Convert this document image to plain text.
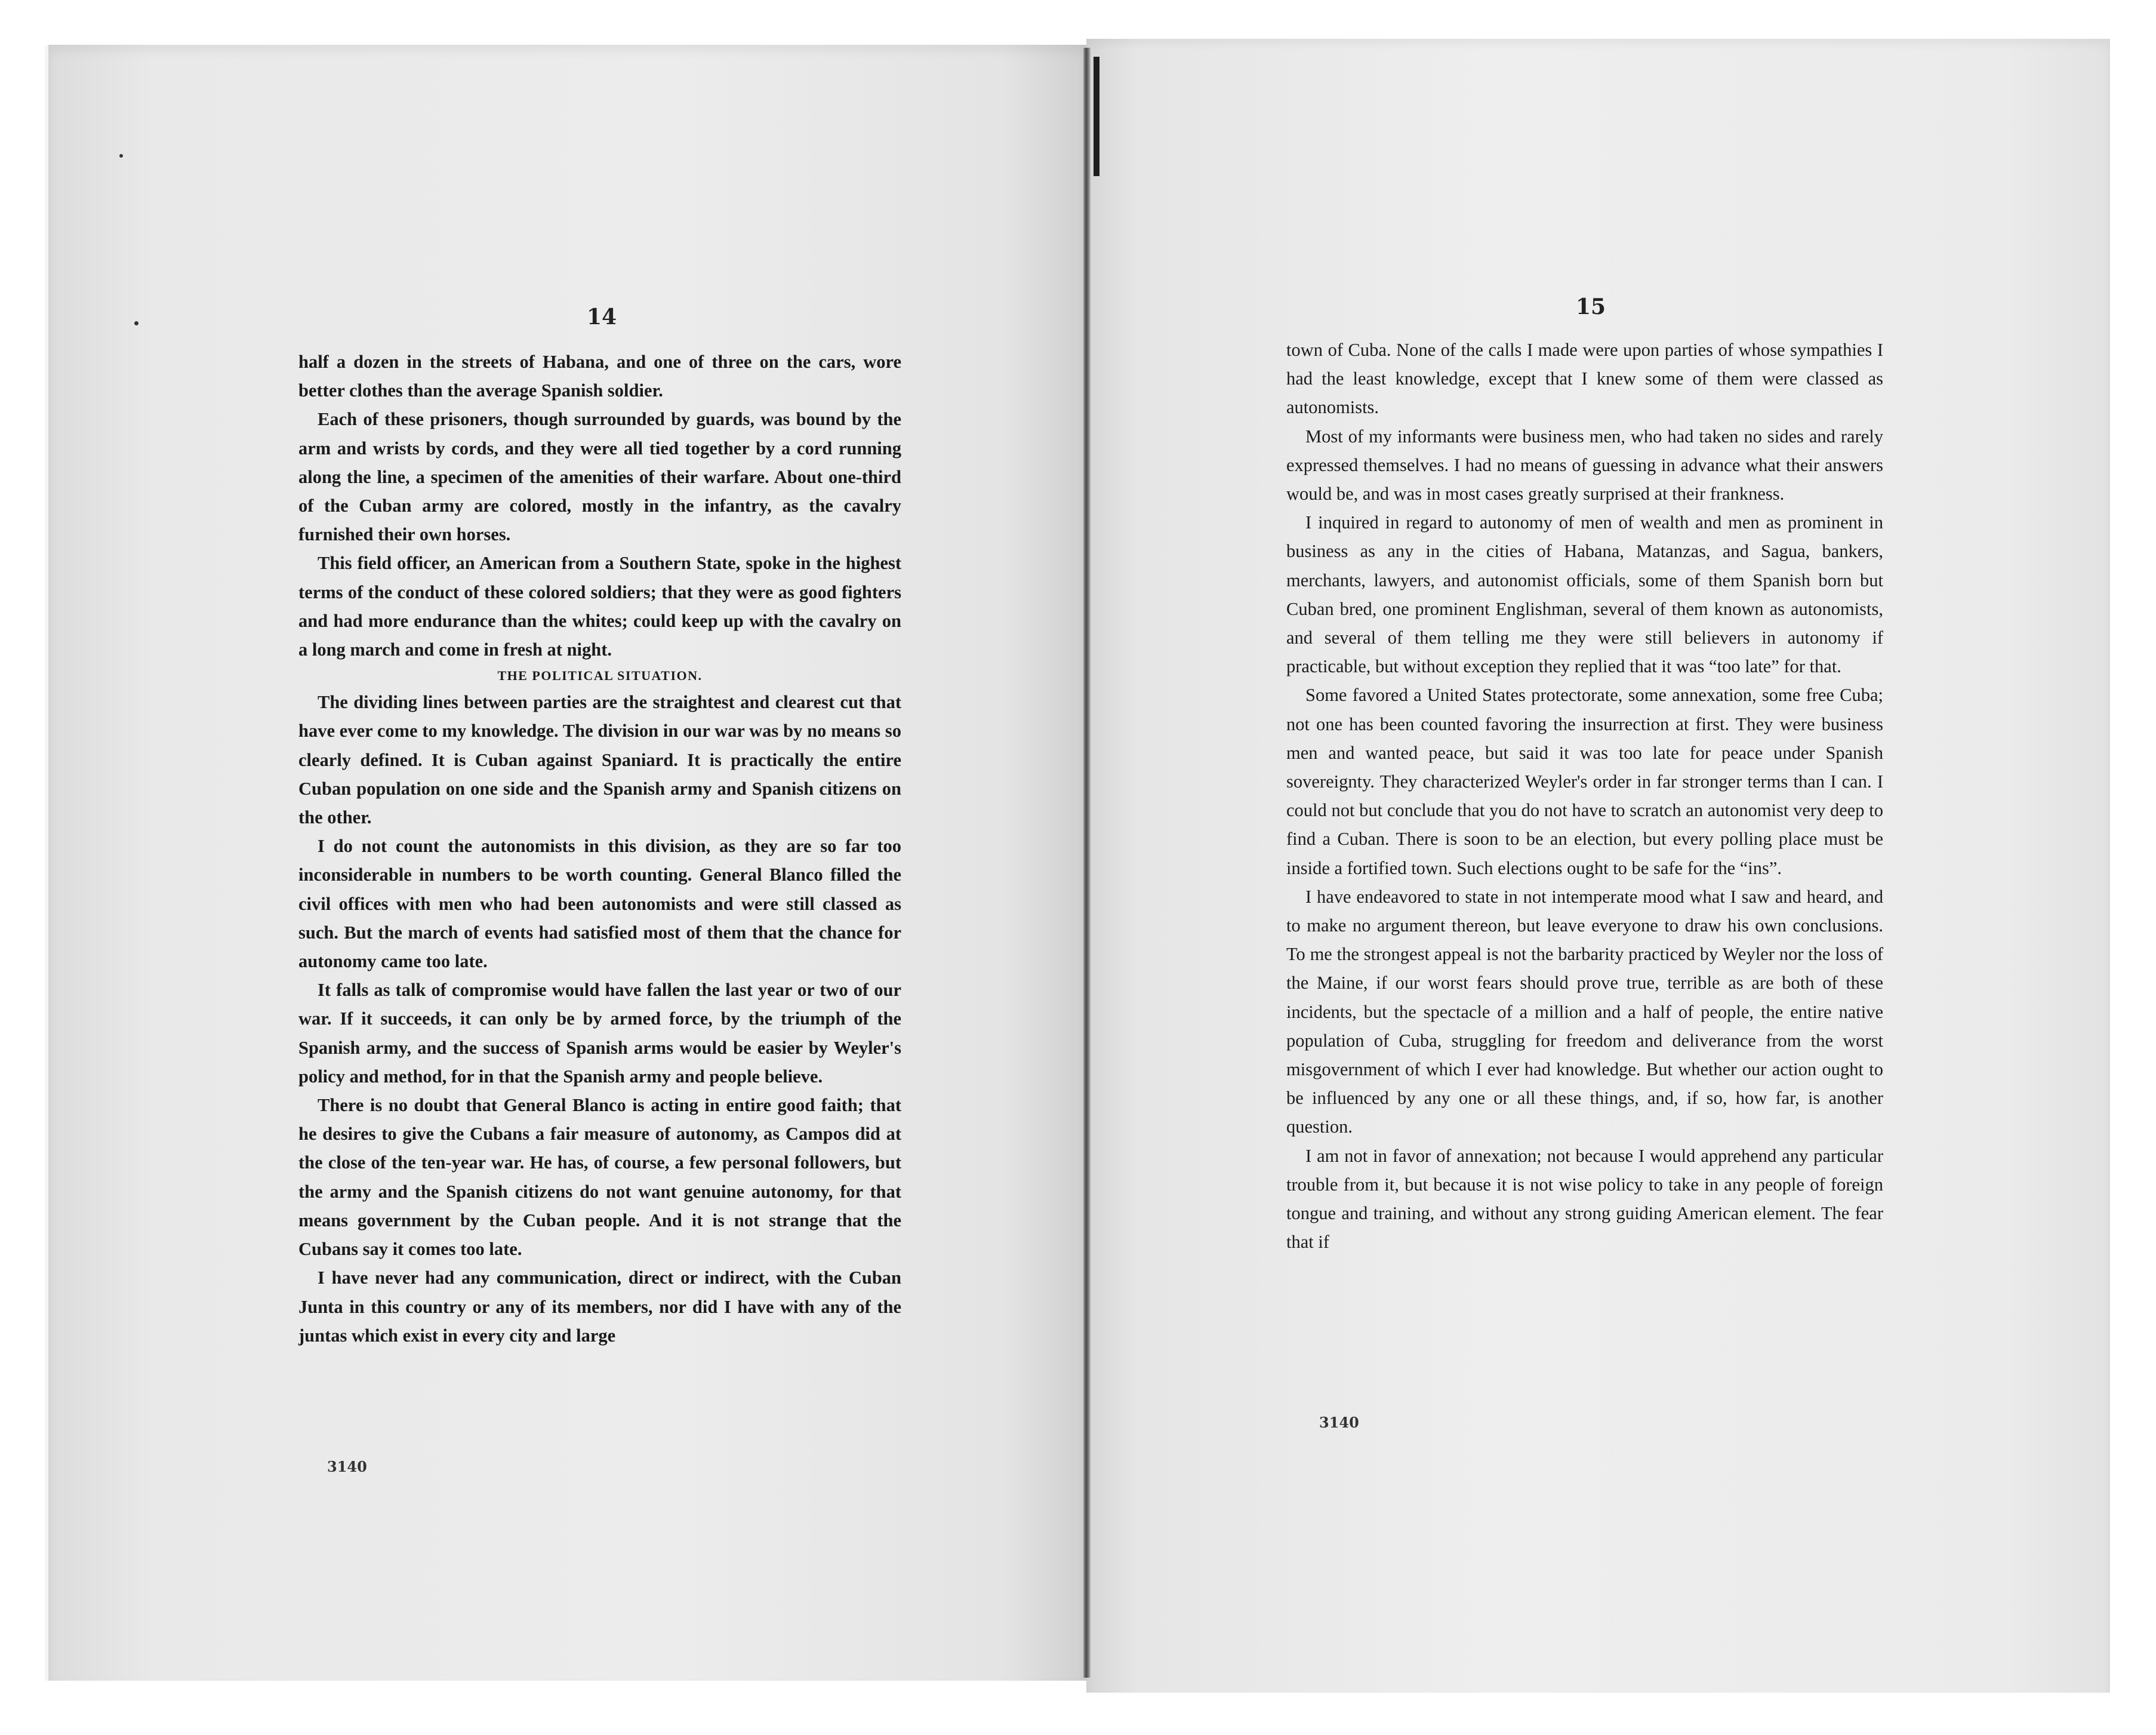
14

half a dozen in the streets of Habana, and one of three on the cars, wore better clothes than the average Spanish soldier.

Each of these prisoners, though surrounded by guards, was bound by the arm and wrists by cords, and they were all tied together by a cord running along the line, a specimen of the amenities of their warfare. About one-third of the Cuban army are colored, mostly in the infantry, as the cavalry furnished their own horses.

This field officer, an American from a Southern State, spoke in the highest terms of the conduct of these colored soldiers; that they were as good fighters and had more endurance than the whites; could keep up with the cavalry on a long march and come in fresh at night.

THE POLITICAL SITUATION.

The dividing lines between parties are the straightest and clearest cut that have ever come to my knowledge. The division in our war was by no means so clearly defined. It is Cuban against Spaniard. It is practically the entire Cuban population on one side and the Spanish army and Spanish citizens on the other.

I do not count the autonomists in this division, as they are so far too inconsiderable in numbers to be worth counting. General Blanco filled the civil offices with men who had been autonomists and were still classed as such. But the march of events had satisfied most of them that the chance for autonomy came too late.

It falls as talk of compromise would have fallen the last year or two of our war. If it succeeds, it can only be by armed force, by the triumph of the Spanish army, and the success of Spanish arms would be easier by Weyler's policy and method, for in that the Spanish army and people believe.

There is no doubt that General Blanco is acting in entire good faith; that he desires to give the Cubans a fair measure of autonomy, as Campos did at the close of the ten-year war. He has, of course, a few personal followers, but the army and the Spanish citizens do not want genuine autonomy, for that means government by the Cuban people. And it is not strange that the Cubans say it comes too late.

I have never had any communication, direct or indirect, with the Cuban Junta in this country or any of its members, nor did I have with any of the juntas which exist in every city and large

3140
15

town of Cuba. None of the calls I made were upon parties of whose sympathies I had the least knowledge, except that I knew some of them were classed as autonomists.

Most of my informants were business men, who had taken no sides and rarely expressed themselves. I had no means of guessing in advance what their answers would be, and was in most cases greatly surprised at their frankness.

I inquired in regard to autonomy of men of wealth and men as prominent in business as any in the cities of Habana, Matanzas, and Sagua, bankers, merchants, lawyers, and autonomist officials, some of them Spanish born but Cuban bred, one prominent Englishman, several of them known as autonomists, and several of them telling me they were still believers in autonomy if practicable, but without exception they replied that it was “too late” for that.

Some favored a United States protectorate, some annexation, some free Cuba; not one has been counted favoring the insurrection at first. They were business men and wanted peace, but said it was too late for peace under Spanish sovereignty. They characterized Weyler's order in far stronger terms than I can. I could not but conclude that you do not have to scratch an autonomist very deep to find a Cuban. There is soon to be an election, but every polling place must be inside a fortified town. Such elections ought to be safe for the “ins”.

I have endeavored to state in not intemperate mood what I saw and heard, and to make no argument thereon, but leave everyone to draw his own conclusions. To me the strongest appeal is not the barbarity practiced by Weyler nor the loss of the Maine, if our worst fears should prove true, terrible as are both of these incidents, but the spectacle of a million and a half of people, the entire native population of Cuba, struggling for freedom and deliverance from the worst misgovernment of which I ever had knowledge. But whether our action ought to be influenced by any one or all these things, and, if so, how far, is another question.

I am not in favor of annexation; not because I would apprehend any particular trouble from it, but because it is not wise policy to take in any people of foreign tongue and training, and without any strong guiding American element. The fear that if

3140
